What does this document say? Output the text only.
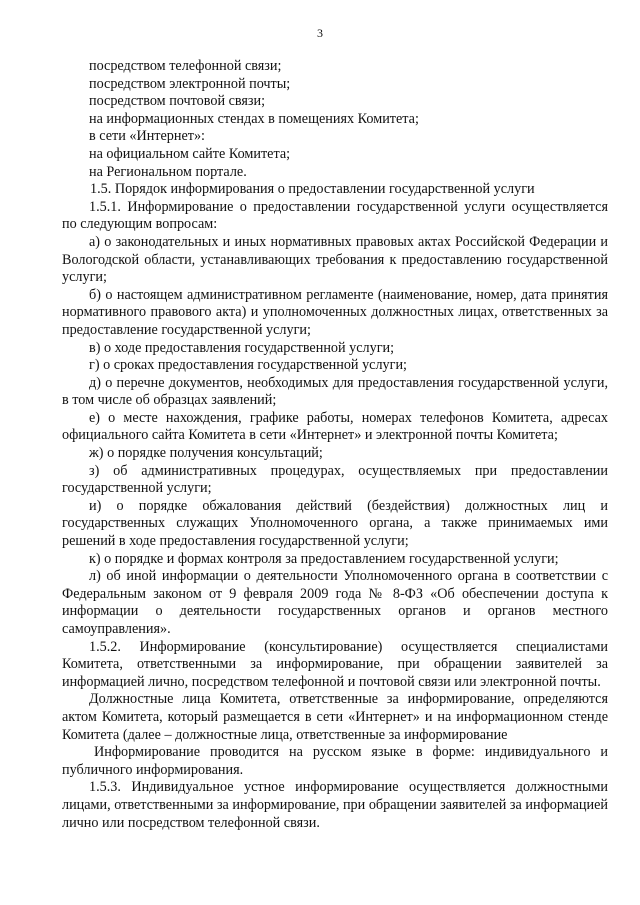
3

посредством телефонной связи;

посредством электронной почты;

посредством почтовой связи;

на информационных стендах в помещениях Комитета;

в сети «Интернет»:

на официальном сайте Комитета;

на Региональном портале.

1.5. Порядок информирования о предоставлении государственной услуги

1.5.1. Информирование о предоставлении государственной услуги осуществляется по следующим вопросам:

а) о законодательных и иных нормативных правовых актах Российской Федерации и Вологодской области, устанавливающих требования к предоставлению государственной услуги;

б) о настоящем административном регламенте (наименование, номер, дата принятия нормативного правового акта) и уполномоченных должностных лицах, ответственных за предоставление государственной услуги;

в) о ходе предоставления государственной услуги;

г) о сроках предоставления государственной услуги;

д) о перечне документов, необходимых для предоставления государственной услуги, в том числе об образцах заявлений;

е) о месте нахождения, графике работы, номерах телефонов Комитета, адресах официального сайта Комитета в сети «Интернет» и электронной почты Комитета;

ж) о порядке получения консультаций;

з) об административных процедурах, осуществляемых при предоставлении государственной услуги;

и) о порядке обжалования действий (бездействия) должностных лиц и государственных служащих Уполномоченного органа, а также принимаемых ими решений в ходе предоставления государственной услуги;

к) о порядке и формах контроля за предоставлением государственной услуги;

л) об иной информации о деятельности Уполномоченного органа в соответствии с Федеральным законом от 9 февраля 2009 года № 8-ФЗ «Об обеспечении доступа к информации о деятельности государственных органов и органов местного самоуправления».

1.5.2. Информирование (консультирование) осуществляется специалистами Комитета, ответственными за информирование, при обращении заявителей за информацией лично, посредством телефонной и почтовой связи или электронной почты.

Должностные лица Комитета, ответственные за информирование, определяются актом Комитета, который размещается в сети «Интернет» и на информационном стенде Комитета (далее – должностные лица, ответственные за информирование

Информирование проводится на русском языке в форме: индивидуального и публичного информирования.

1.5.3. Индивидуальное устное информирование осуществляется должностными лицами, ответственными за информирование, при обращении заявителей за информацией лично или посредством телефонной связи.
